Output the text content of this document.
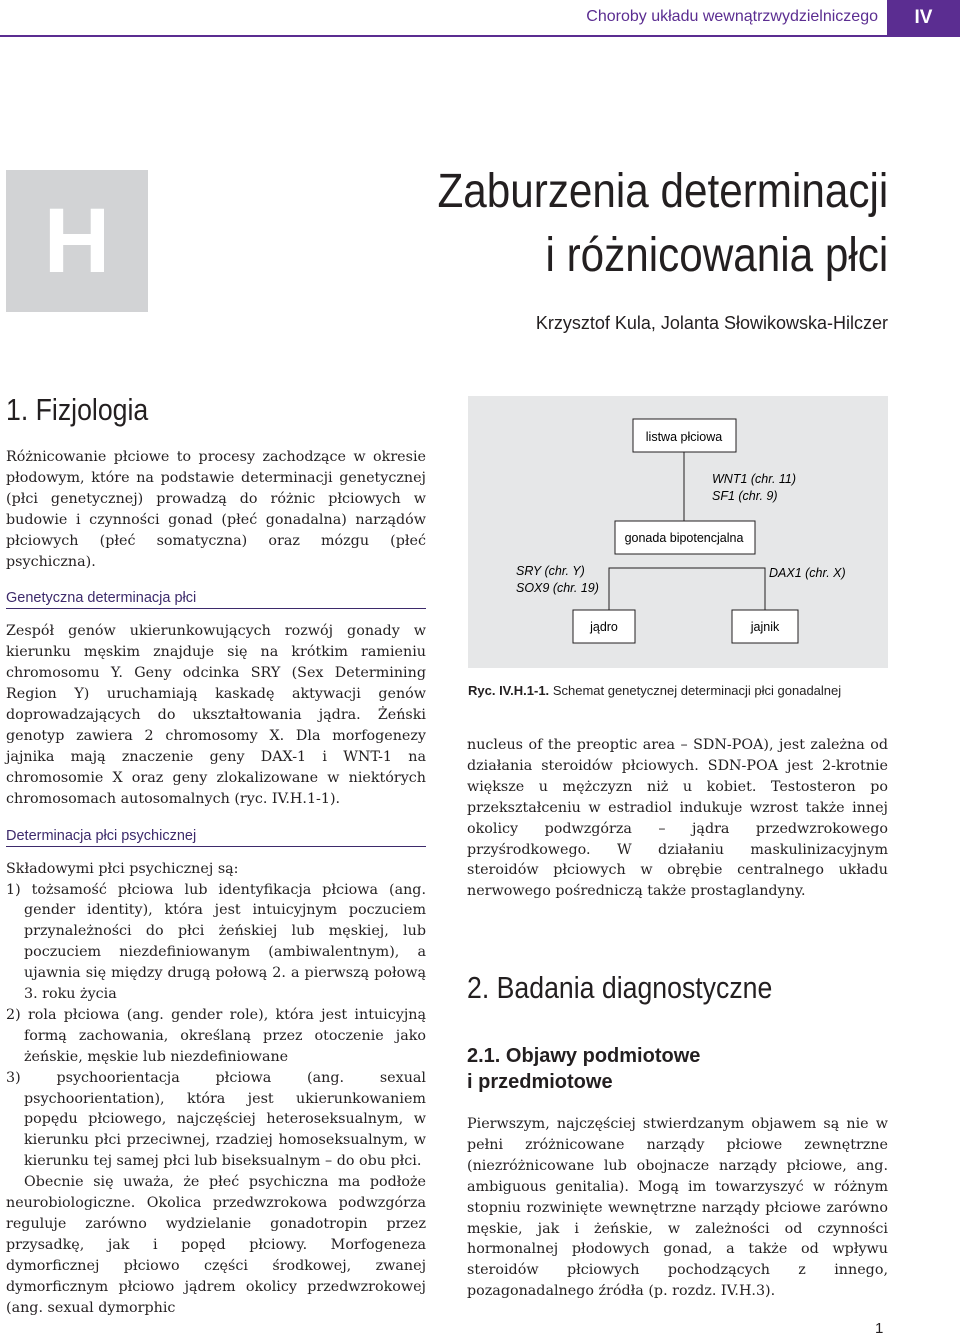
Choroby układu wewnątrzwydzielniczego	IV
H	Zaburzenia determinacji
i różnicowania płci
Krzysztof Kula, Jolanta Słowikowska-Hilczer
1. Fizjologia

Różnicowanie płciowe to procesy zachodzące w okresie płodowym, które na podstawie determinacji genetycznej (płci genetycznej) prowadzą do różnic płciowych w budowie i czynności gonad (płeć gonadalna) narządów płciowych (płeć somatyczna) oraz mózgu (płeć psychiczna).

Genetyczna determinacja płci

Zespół genów ukierunkowujących rozwój gonady w kierunku męskim znajduje się na krótkim ramieniu chromosomu Y. Geny odcinka SRY (Sex Determining Region Y) uruchamiają kaskadę aktywacji genów doprowadzających do ukształtowania jądra. Żeński genotyp zawiera 2 chromosomy X. Dla morfogenezy jajnika mają znaczenie geny DAX-1 i WNT-1 na chromosomie X oraz geny zlokalizowane w niektórych chromosomach autosomalnych (ryc. IV.H.1-1).

Determinacja płci psychicznej

Składowymi płci psychicznej są:

1) tożsamość płciowa lub identyfikacja płciowa (ang. gender identity), która jest intuicyjnym poczuciem przynależności do płci żeńskiej lub męskiej, lub poczuciem niezdefiniowanym (ambiwalentnym), a ujawnia się między drugą połową 2. a pierwszą połową 3. roku życia
2) rola płciowa (ang. gender role), która jest intuicyjną formą zachowania, określaną przez otoczenie jako żeńskie, męskie lub niezdefiniowane
3) psychoorientacja płciowa (ang. sexual psychoorientation), która jest ukierunkowaniem popędu płciowego, najczęściej heteroseksualnym, w kierunku płci przeciwnej, rzadziej homoseksualnym, w kierunku tej samej płci lub biseksualnym – do obu płci.

Obecnie się uważa, że płeć psychiczna ma podłoże neurobiologiczne. Okolica przedwzrokowa podwzgórza reguluje zarówno wydzielanie gonadotropin przez przysadkę, jak i popęd płciowy. Morfogeneza dymorficznej płciowo części środkowej, zwanej dymorficznym płciowo jądrem okolicy przedwzrokowej (ang. sexual dymorphic

listwa płciowa
WNT1 (chr. 11)
SF1 (chr. 9)
gonada bipotencjalna
SRY (chr. Y)
SOX9 (chr. 19)
DAX1 (chr. X)
jądro	jajnik
Ryc. IV.H.1-1. Schemat genetycznej determinacji płci gonadalnej

nucleus of the preoptic area – SDN-POA), jest zależna od działania steroidów płciowych. SDN-POA jest 2-krotnie większe u mężczyzn niż u kobiet. Testosteron po przekształceniu w estradiol indukuje wzrost także innej okolicy podwzgórza – jądra przedwzrokowego przyśrodkowego. W działaniu maskulinizacyjnym steroidów płciowych w obrębie centralnego układu nerwowego pośredniczą także prostaglandyny.

2. Badania diagnostyczne
2.1. Objawy podmiotowe
i przedmiotowe

Pierwszym, najczęściej stwierdzanym objawem są nie w pełni zróżnicowane narządy płciowe zewnętrzne (niezróżnicowane lub obojnacze narządy płciowe, ang. ambiguous genitalia). Mogą im towarzyszyć w różnym stopniu rozwinięte wewnętrzne narządy płciowe zarówno męskie, jak i żeńskie, w zależności od czynności hormonalnej płodowych gonad, a także od wpływu steroidów płciowych pochodzących z innego, pozagonadalnego źródła (p. rozdz. IV.H.3).

1
